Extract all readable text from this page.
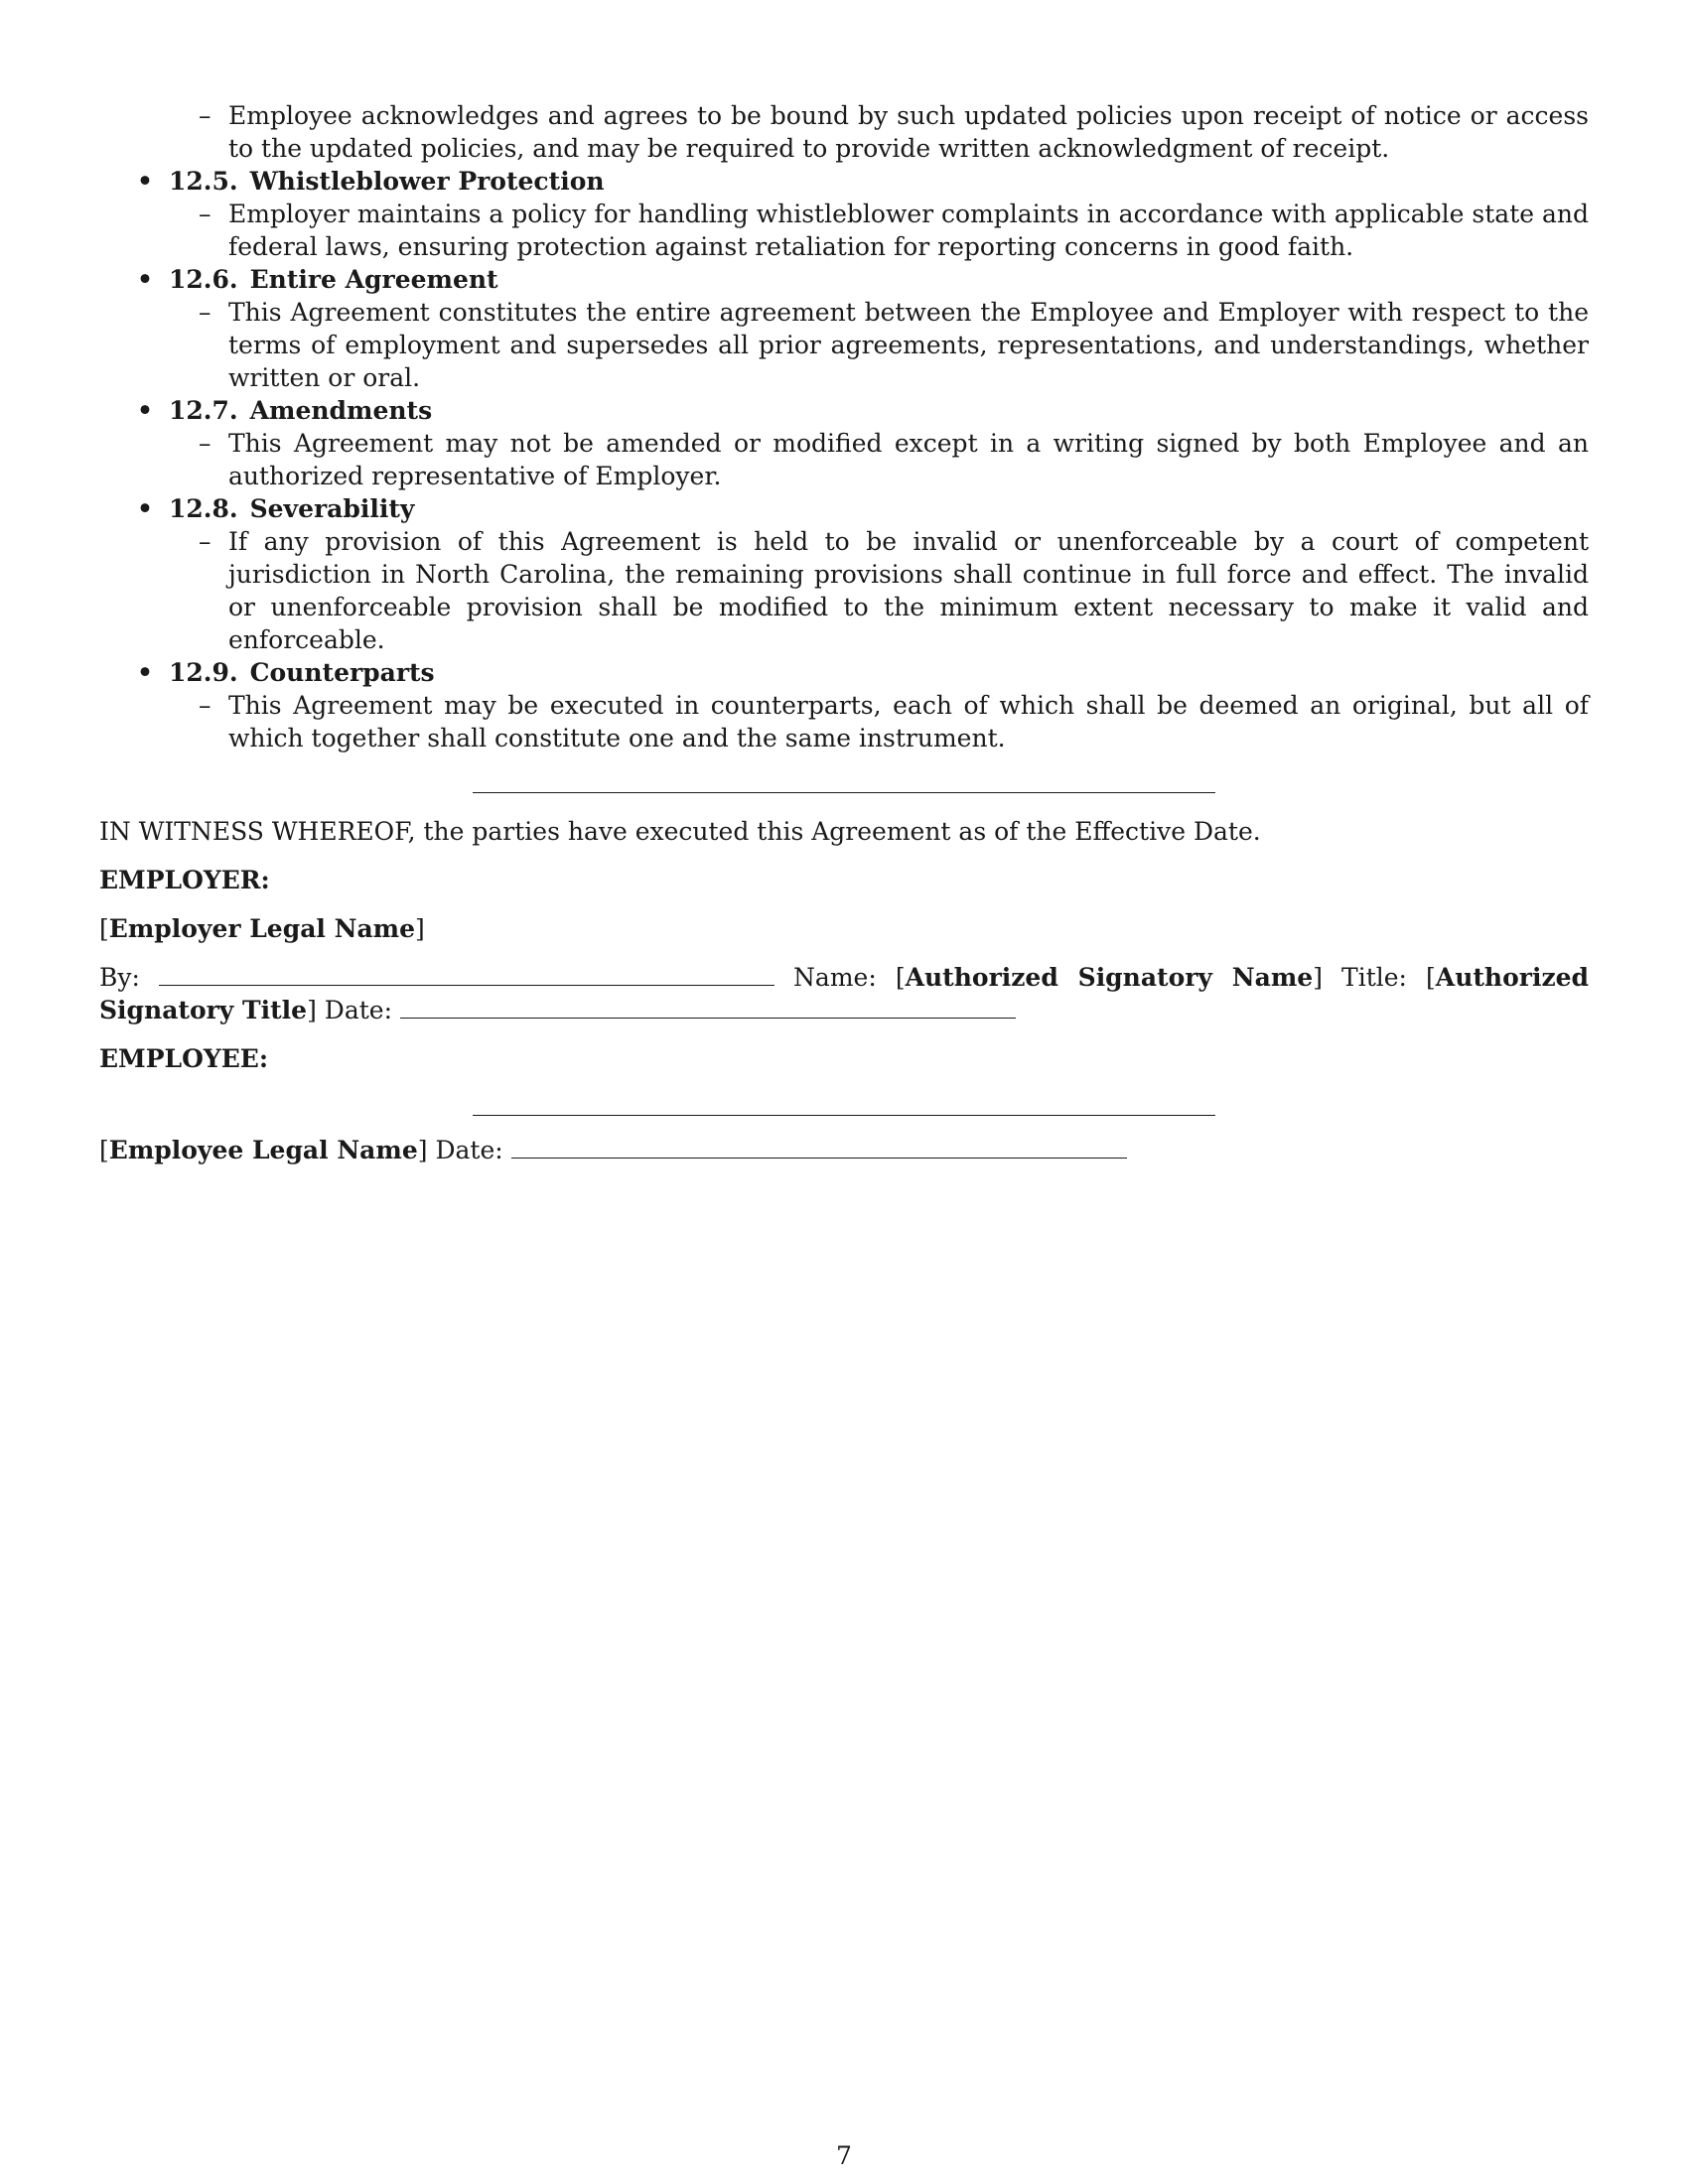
– Employee acknowledges and agrees to be bound by such updated policies upon receipt of notice or access to the updated policies, and may be required to provide written acknowledgment of receipt.
• 12.5. Whistleblower Protection
– Employer maintains a policy for handling whistleblower complaints in accordance with applicable state and federal laws, ensuring protection against retaliation for reporting concerns in good faith.
• 12.6. Entire Agreement
– This Agreement constitutes the entire agreement between the Employee and Employer with respect to the terms of employment and supersedes all prior agreements, representations, and understandings, whether written or oral.
• 12.7. Amendments
– This Agreement may not be amended or modified except in a writing signed by both Employee and an authorized representative of Employer.
• 12.8. Severability
– If any provision of this Agreement is held to be invalid or unenforceable by a court of competent jurisdiction in North Carolina, the remaining provisions shall continue in full force and effect. The invalid or unenforceable provision shall be modified to the minimum extent necessary to make it valid and enforceable.
• 12.9. Counterparts
– This Agreement may be executed in counterparts, each of which shall be deemed an original, but all of which together shall constitute one and the same instrument.
IN WITNESS WHEREOF, the parties have executed this Agreement as of the Effective Date.
EMPLOYER:
[Employer Legal Name]
By:	Name: [Authorized Signatory Name] Title: [Authorized Signatory Title] Date:
EMPLOYEE:
[Employee Legal Name] Date:
7
